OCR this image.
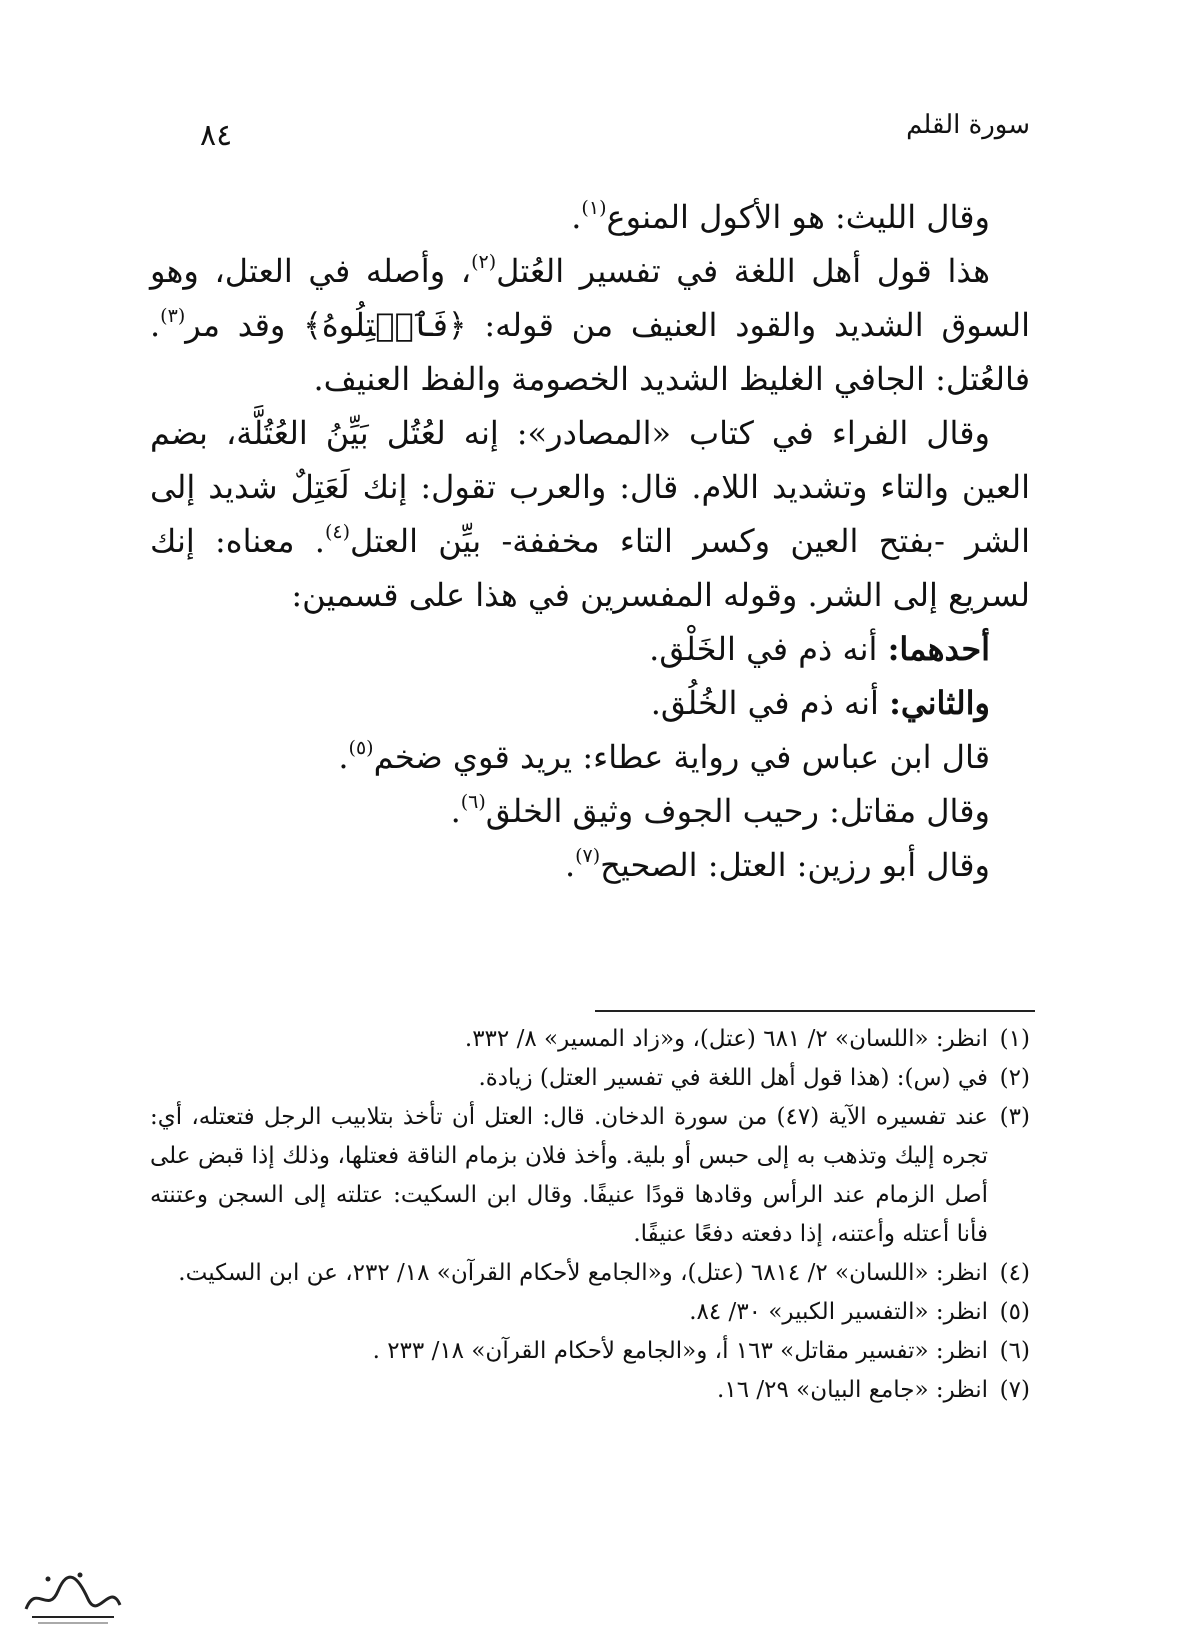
سورة القلم
٨٤

وقال الليث: هو الأكول المنوع$^{(١)}$.

هذا قول أهل اللغة في تفسير العُتل$^{(٢)}$، وأصله في العتل، وهو السوق الشديد والقود العنيف من قوله: ﴿فَٱعۡتِلُوهُ﴾ وقد مر$^{(٣)}$. فالعُتل: الجافي الغليظ الشديد الخصومة والفظ العنيف.

وقال الفراء في كتاب «المصادر»: إنه لعُتُل بَيِّنُ العُتُلَّة، بضم العين والتاء وتشديد اللام. قال: والعرب تقول: إنك لَعَتِلٌ شديد إلى الشر -بفتح العين وكسر التاء مخففة- بيِّن العتل$^{(٤)}$. معناه: إنك لسريع إلى الشر. وقوله المفسرين في هذا على قسمين:

أحدهما: أنه ذم في الخَلْق.

والثاني: أنه ذم في الخُلُق.

قال ابن عباس في رواية عطاء: يريد قوي ضخم$^{(٥)}$.

وقال مقاتل: رحيب الجوف وثيق الخلق$^{(٦)}$.

وقال أبو رزين: العتل: الصحيح$^{(٧)}$.

(١)
انظر: «اللسان» ٢/ ٦٨١ (عتل)، و«زاد المسير» ٨/ ٣٣٢.
(٢)
في (س): (هذا قول أهل اللغة في تفسير العتل) زيادة.
(٣)
عند تفسيره الآية (٤٧) من سورة الدخان. قال: العتل أن تأخذ بتلابيب الرجل فتعتله، أي: تجره إليك وتذهب به إلى حبس أو بلية. وأخذ فلان بزمام الناقة فعتلها، وذلك إذا قبض على أصل الزمام عند الرأس وقادها قودًا عنيفًا. وقال ابن السكيت: عتلته إلى السجن وعتنته فأنا أعتله وأعتنه، إذا دفعته دفعًا عنيفًا.
(٤)
انظر: «اللسان» ٢/ ٦٨١٤ (عتل)، و«الجامع لأحكام القرآن» ١٨/ ٢٣٢، عن ابن السكيت.
(٥)
انظر: «التفسير الكبير» ٣٠/ ٨٤.
(٦)
انظر: «تفسير مقاتل» ١٦٣ أ، و«الجامع لأحكام القرآن» ١٨/ ٢٣٣ .
(٧)
انظر: «جامع البيان» ٢٩/ ١٦.
